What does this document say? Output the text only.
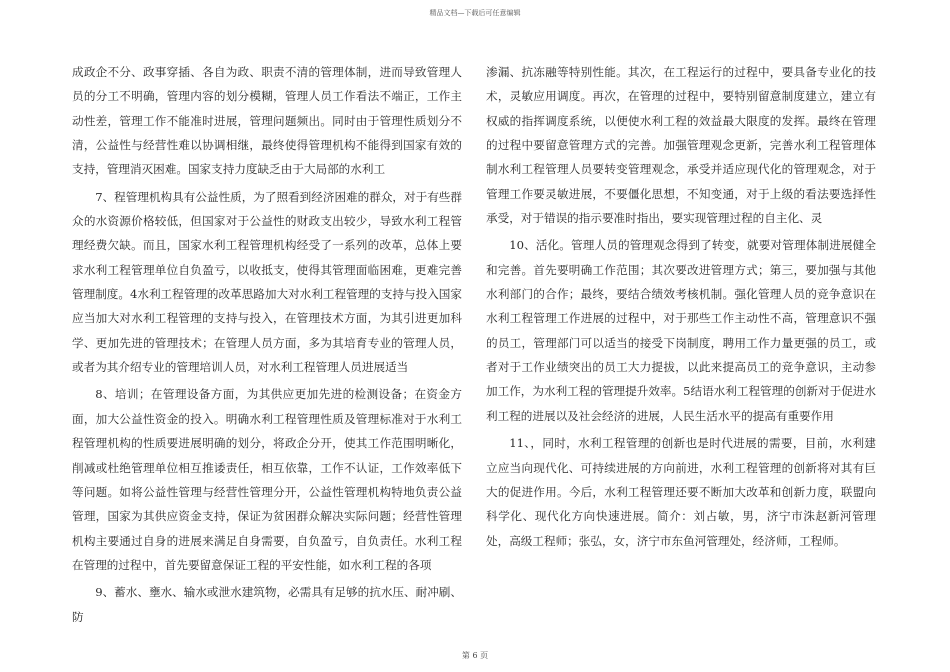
精品文档—下载后可任意编辑

成政企不分、政事穿插、各自为政、职责不清的管理体制，进而导致管理人员的分工不明确，管理内容的划分模糊，管理人员工作看法不端正，工作主动性差，管理工作不能准时进展，管理问题频出。同时由于管理性质划分不清，公益性与经营性难以协调相继，最终使得管理机构不能得到国家有效的支持，管理消灭困难。国家支持力度缺乏由于大局部的水利工

7、程管理机构具有公益性质，为了照看到经济困难的群众，对于有些群众的水资源价格较低，但国家对于公益性的财政支出较少，导致水利工程管理经费欠缺。而且，国家水利工程管理机构经受了一系列的改革，总体上要求水利工程管理单位自负盈亏，以收抵支，使得其管理面临困难，更难完善管理制度。4水利工程管理的改革思路加大对水利工程管理的支持与投入国家应当加大对水利工程管理的支持与投入，在管理技术方面，为其引进更加科学、更加先进的管理技术；在管理人员方面，多为其培育专业的管理人员，或者为其介绍专业的管理培训人员，对水利工程管理人员进展适当

8、培训；在管理设备方面，为其供应更加先进的检测设备；在资金方面，加大公益性资金的投入。明确水利工程管理性质及管理标准对于水利工程管理机构的性质要进展明确的划分，将政企分开，使其工作范围明晰化，削减或杜绝管理单位相互推诿责任，相互依靠，工作不认证，工作效率低下等问题。如将公益性管理与经营性管理分开，公益性管理机构特地负责公益管理，国家为其供应资金支持，保证为贫困群众解决实际问题；经营性管理机构主要通过自身的进展来满足自身需要，自负盈亏，自负责任。水利工程在管理的过程中，首先要留意保证工程的平安性能，如水利工程的各项

9、蓄水、壅水、输水或泄水建筑物，必需具有足够的抗水压、耐冲刷、防

渗漏、抗冻融等特别性能。其次，在工程运行的过程中，要具备专业化的技术，灵敏应用调度。再次，在管理的过程中，要特别留意制度建立，建立有权威的指挥调度系统，以便使水利工程的效益最大限度的发挥。最终在管理的过程中要留意管理方式的完善。加强管理观念更新，完善水利工程管理体制水利工程管理人员要转变管理观念，承受并适应现代化的管理观念，对于管理工作要灵敏进展，不要僵化思想，不知变通，对于上级的看法要选择性承受，对于错误的指示要准时指出，要实现管理过程的自主化、灵

10、活化。管理人员的管理观念得到了转变，就要对管理体制进展健全和完善。首先要明确工作范围；其次要改进管理方式；第三，要加强与其他水利部门的合作；最终，要结合绩效考核机制。强化管理人员的竞争意识在水利工程管理工作进展的过程中，对于那些工作主动性不高，管理意识不强的员工，管理部门可以适当的接受下岗制度，聘用工作力量更强的员工，或者对于工作业绩突出的员工大力提拔，以此来提高员工的竞争意识，主动参加工作，为水利工程的管理提升效率。5结语水利工程管理的创新对于促进水利工程的进展以及社会经济的进展，人民生活水平的提高有重要作用

11、，同时，水利工程管理的创新也是时代进展的需要，目前，水利建立应当向现代化、可持续进展的方向前进，水利工程管理的创新将对其有巨大的促进作用。今后，水利工程管理还要不断加大改革和创新力度，联盟向科学化、现代化方向快速进展。简介：刘占敏，男，济宁市洙赵新河管理处，高级工程师；张弘，女，济宁市东鱼河管理处，经济师，工程师。

第 6 页
